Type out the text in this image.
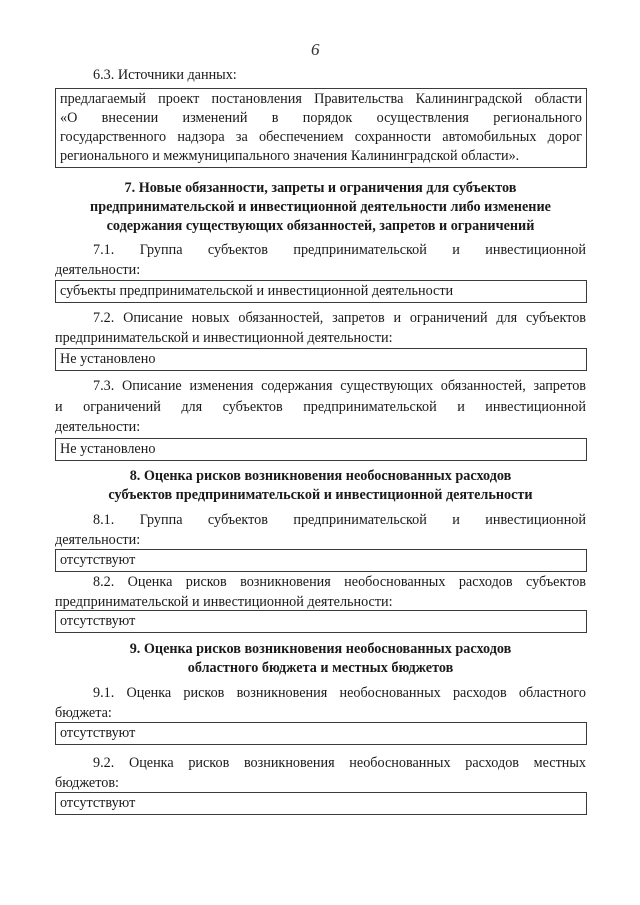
6

6.3. Источники данных:

предлагаемый проект постановления Правительства Калининградской области
«О внесении изменений в порядок осуществления регионального
государственного надзора за обеспечением сохранности автомобильных дорог
регионального и межмуниципального значения Калининградской области».
7. Новые обязанности, запреты и ограничения для субъектов
предпринимательской и инвестиционной деятельности либо изменение
содержания существующих обязанностей, запретов и ограничений

7.1. Группа субъектов предпринимательской и инвестиционной

деятельности:

субъекты предпринимательской и инвестиционной деятельности

7.2. Описание новых обязанностей, запретов и ограничений для субъектов

предпринимательской и инвестиционной деятельности:

Не установлено

7.3. Описание изменения содержания существующих обязанностей, запретов

и ограничений для субъектов предпринимательской и инвестиционной

деятельности:

Не установлено
8. Оценка рисков возникновения необоснованных расходов
субъектов предпринимательской и инвестиционной деятельности

8.1. Группа субъектов предпринимательской и инвестиционной

деятельности:

отсутствуют

8.2. Оценка рисков возникновения необоснованных расходов субъектов

предпринимательской и инвестиционной деятельности:

отсутствуют
9. Оценка рисков возникновения необоснованных расходов
областного бюджета и местных бюджетов

9.1. Оценка рисков возникновения необоснованных расходов областного

бюджета:

отсутствуют

9.2. Оценка рисков возникновения необоснованных расходов местных

бюджетов:

отсутствуют
